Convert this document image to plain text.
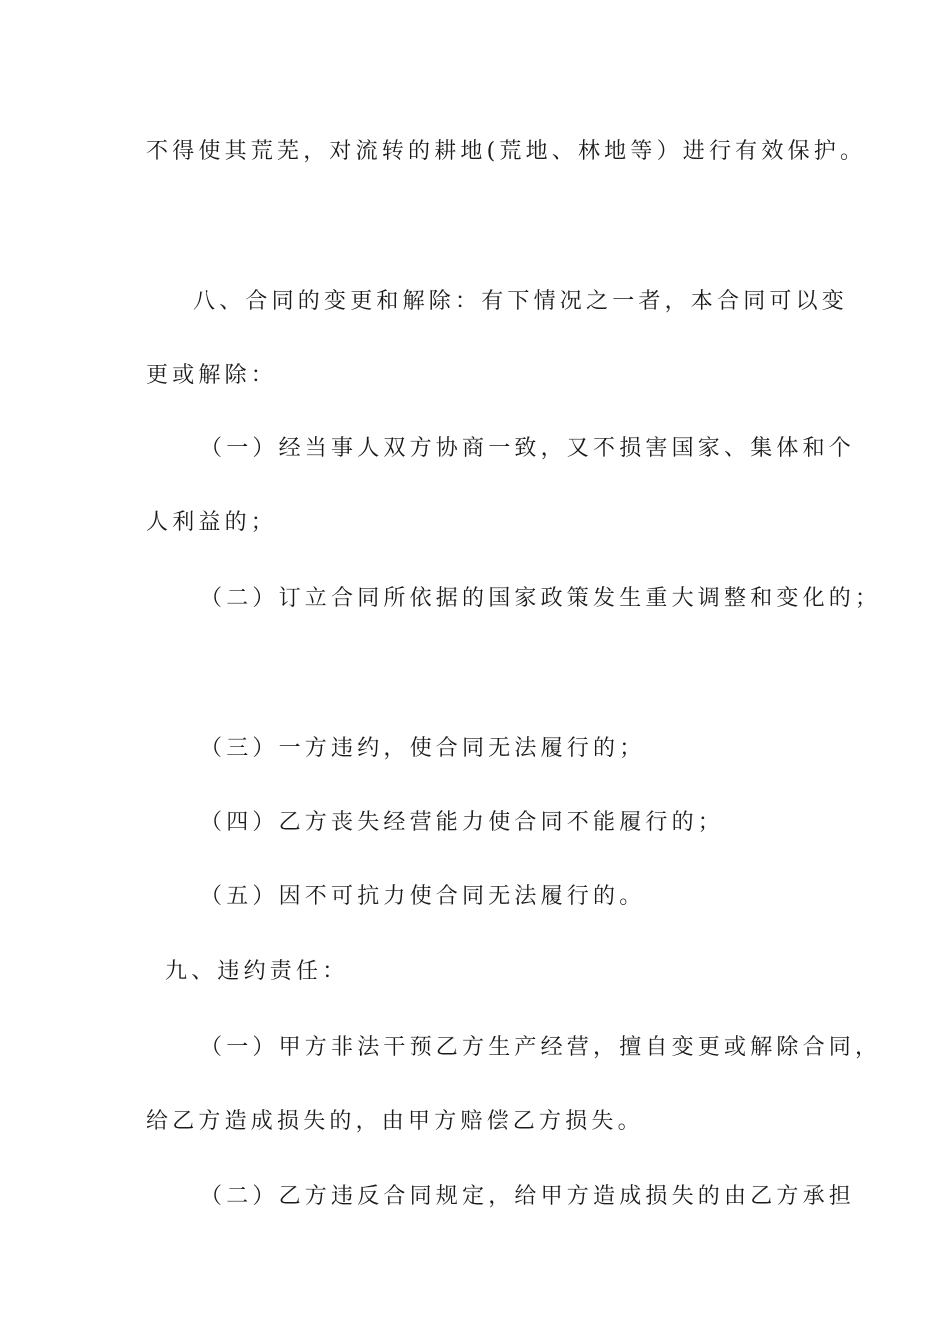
不得使其荒芜，对流转的耕地(荒地、林地等）进行有效保护。
八、合同的变更和解除：有下情况之一者，本合同可以变
更或解除：
（一）经当事人双方协商一致，又不损害国家、集体和个
人利益的；
（二）订立合同所依据的国家政策发生重大调整和变化的；
（三）一方违约，使合同无法履行的；
（四）乙方丧失经营能力使合同不能履行的；
（五）因不可抗力使合同无法履行的。
九、违约责任：
（一）甲方非法干预乙方生产经营，擅自变更或解除合同，
给乙方造成损失的，由甲方赔偿乙方损失。
（二）乙方违反合同规定，给甲方造成损失的由乙方承担
